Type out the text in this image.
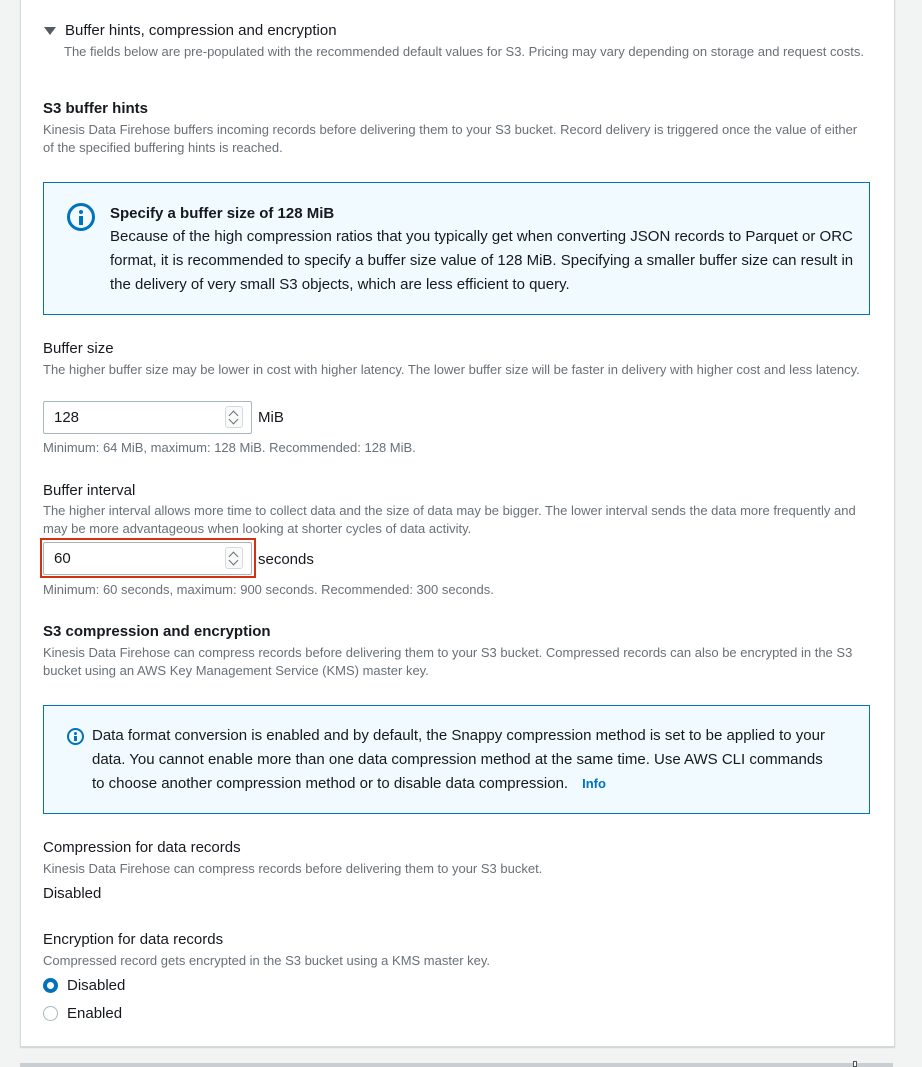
Buffer hints, compression and encryption
The fields below are pre-populated with the recommended default values for S3. Pricing may vary depending on storage and request costs.
S3 buffer hints
Kinesis Data Firehose buffers incoming records before delivering them to your S3 bucket. Record delivery is triggered once the value of either of the specified buffering hints is reached.
Specify a buffer size of 128 MiB
Because of the high compression ratios that you typically get when converting JSON records to Parquet or ORC format, it is recommended to specify a buffer size value of 128 MiB. Specifying a smaller buffer size can result in the delivery of very small S3 objects, which are less efficient to query.
Buffer size
The higher buffer size may be lower in cost with higher latency. The lower buffer size will be faster in delivery with higher cost and less latency.
128
MiB
Minimum: 64 MiB, maximum: 128 MiB. Recommended: 128 MiB.
Buffer interval
The higher interval allows more time to collect data and the size of data may be bigger. The lower interval sends the data more frequently and may be more advantageous when looking at shorter cycles of data activity.
60
seconds
Minimum: 60 seconds, maximum: 900 seconds. Recommended: 300 seconds.
S3 compression and encryption
Kinesis Data Firehose can compress records before delivering them to your S3 bucket. Compressed records can also be encrypted in the S3 bucket using an AWS Key Management Service (KMS) master key.
Data format conversion is enabled and by default, the Snappy compression method is set to be applied to your data. You cannot enable more than one data compression method at the same time. Use AWS CLI commands to choose another compression method or to disable data compression. Info
Compression for data records
Kinesis Data Firehose can compress records before delivering them to your S3 bucket.
Disabled
Encryption for data records
Compressed record gets encrypted in the S3 bucket using a KMS master key.
Disabled
Enabled
